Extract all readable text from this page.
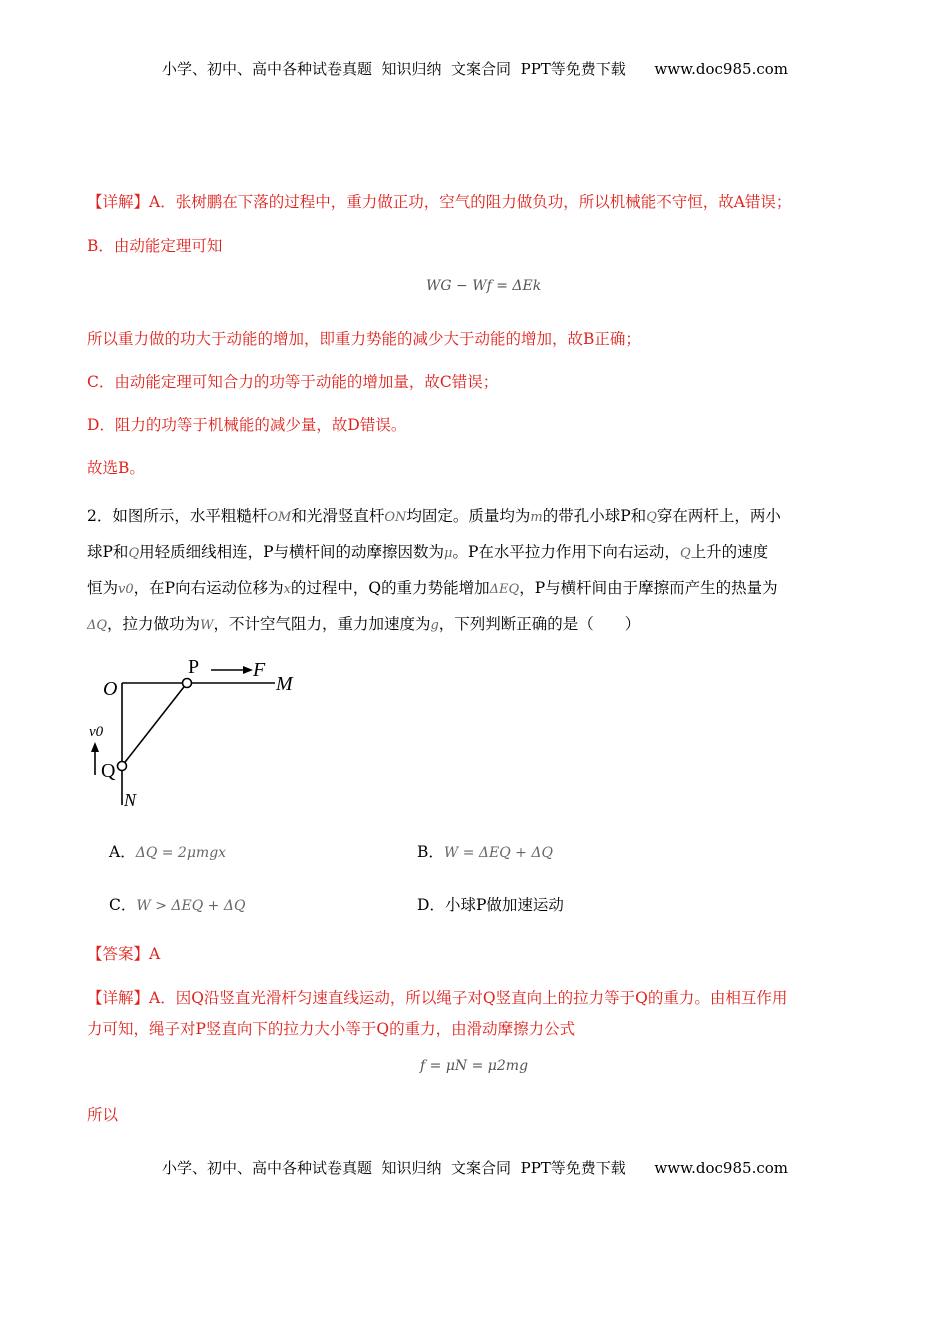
小学、初中、高中各种试卷真题  知识归纳  文案合同  PPT等免费下载      www.doc985.com
【详解】A．张树鹏在下落的过程中，重力做正功，空气的阻力做负功，所以机械能不守恒，故A错误；
B．由动能定理可知
WG − Wf = ΔEk
所以重力做的功大于动能的增加，即重力势能的减少大于动能的增加，故B正确；
C．由动能定理可知合力的功等于动能的增加量，故C错误；
D．阻力的功等于机械能的减少量，故D错误。
故选B。
2．如图所示，水平粗糙杆OM和光滑竖直杆ON均固定。质量均为m的带孔小球P和Q穿在两杆上，两小
球P和Q用轻质细线相连，P与横杆间的动摩擦因数为μ。P在水平拉力作用下向右运动，Q上升的速度
恒为v0，在P向右运动位移为x的过程中，Q的重力势能增加ΔEQ，P与横杆间由于摩擦而产生的热量为
ΔQ，拉力做功为W，不计空气阻力，重力加速度为g，下列判断正确的是（　　）
O
P	F
M
Q
N
v0
A．ΔQ = 2μmgx	B．W = ΔEQ + ΔQ
C．W > ΔEQ + ΔQ	D．小球P做加速运动
【答案】A
【详解】A．因Q沿竖直光滑杆匀速直线运动，所以绳子对Q竖直向上的拉力等于Q的重力。由相互作用
力可知，绳子对P竖直向下的拉力大小等于Q的重力，由滑动摩擦力公式
f = μN = μ2mg
所以
小学、初中、高中各种试卷真题  知识归纳  文案合同  PPT等免费下载      www.doc985.com
